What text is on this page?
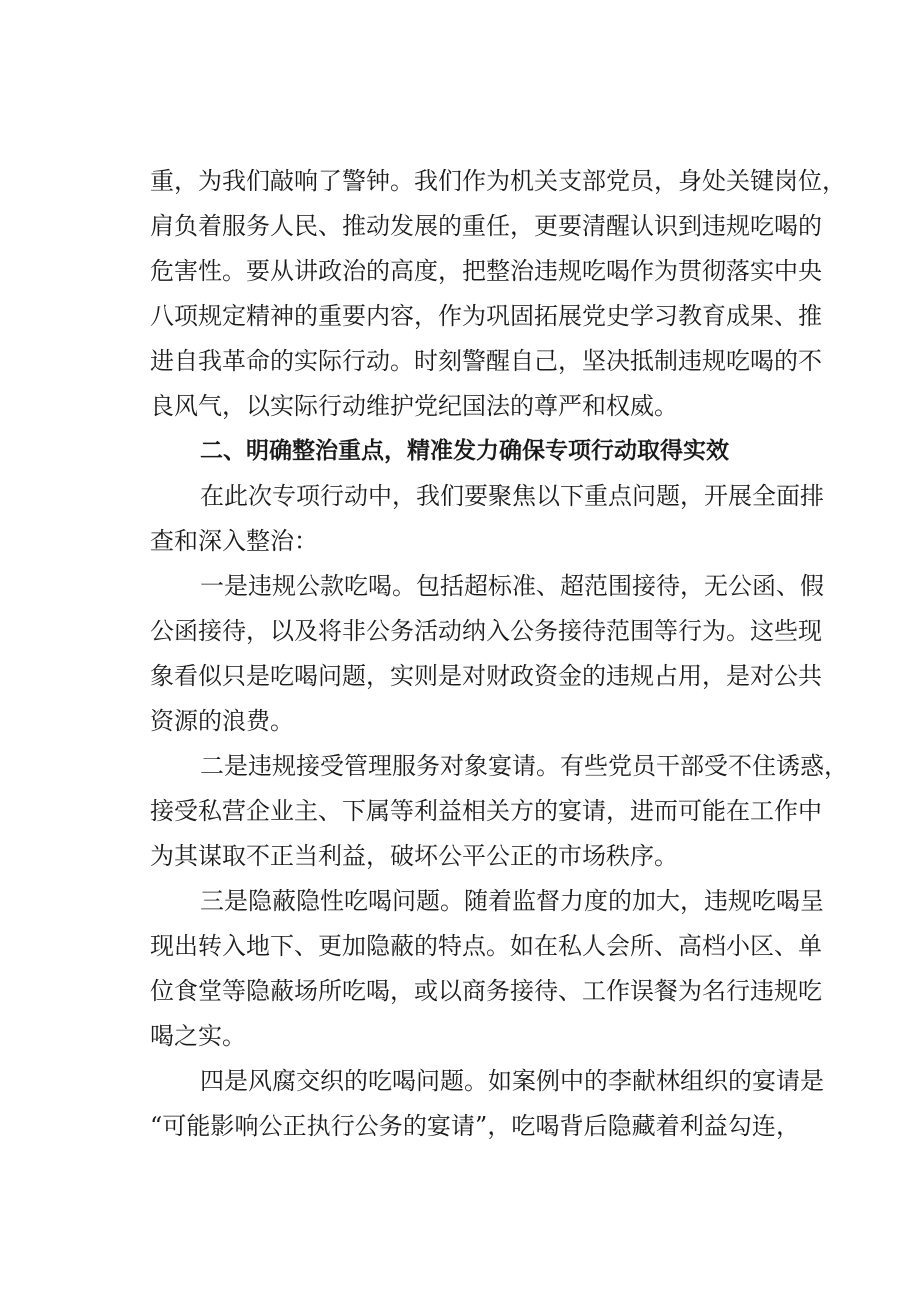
重，为我们敲响了警钟。我们作为机关支部党员，身处关键岗位，
肩负着服务人民、推动发展的重任，更要清醒认识到违规吃喝的
危害性。要从讲政治的高度，把整治违规吃喝作为贯彻落实中央
八项规定精神的重要内容，作为巩固拓展党史学习教育成果、推
进自我革命的实际行动。时刻警醒自己，坚决抵制违规吃喝的不
良风气，以实际行动维护党纪国法的尊严和权威。
二、明确整治重点，精准发力确保专项行动取得实效
在此次专项行动中，我们要聚焦以下重点问题，开展全面排
查和深入整治：
一是违规公款吃喝。包括超标准、超范围接待，无公函、假
公函接待，以及将非公务活动纳入公务接待范围等行为。这些现
象看似只是吃喝问题，实则是对财政资金的违规占用，是对公共
资源的浪费。
二是违规接受管理服务对象宴请。有些党员干部受不住诱惑，
接受私营企业主、下属等利益相关方的宴请，进而可能在工作中
为其谋取不正当利益，破坏公平公正的市场秩序。
三是隐蔽隐性吃喝问题。随着监督力度的加大，违规吃喝呈
现出转入地下、更加隐蔽的特点。如在私人会所、高档小区、单
位食堂等隐蔽场所吃喝，或以商务接待、工作误餐为名行违规吃
喝之实。
四是风腐交织的吃喝问题。如案例中的李献林组织的宴请是
“可能影响公正执行公务的宴请”，吃喝背后隐藏着利益勾连，
